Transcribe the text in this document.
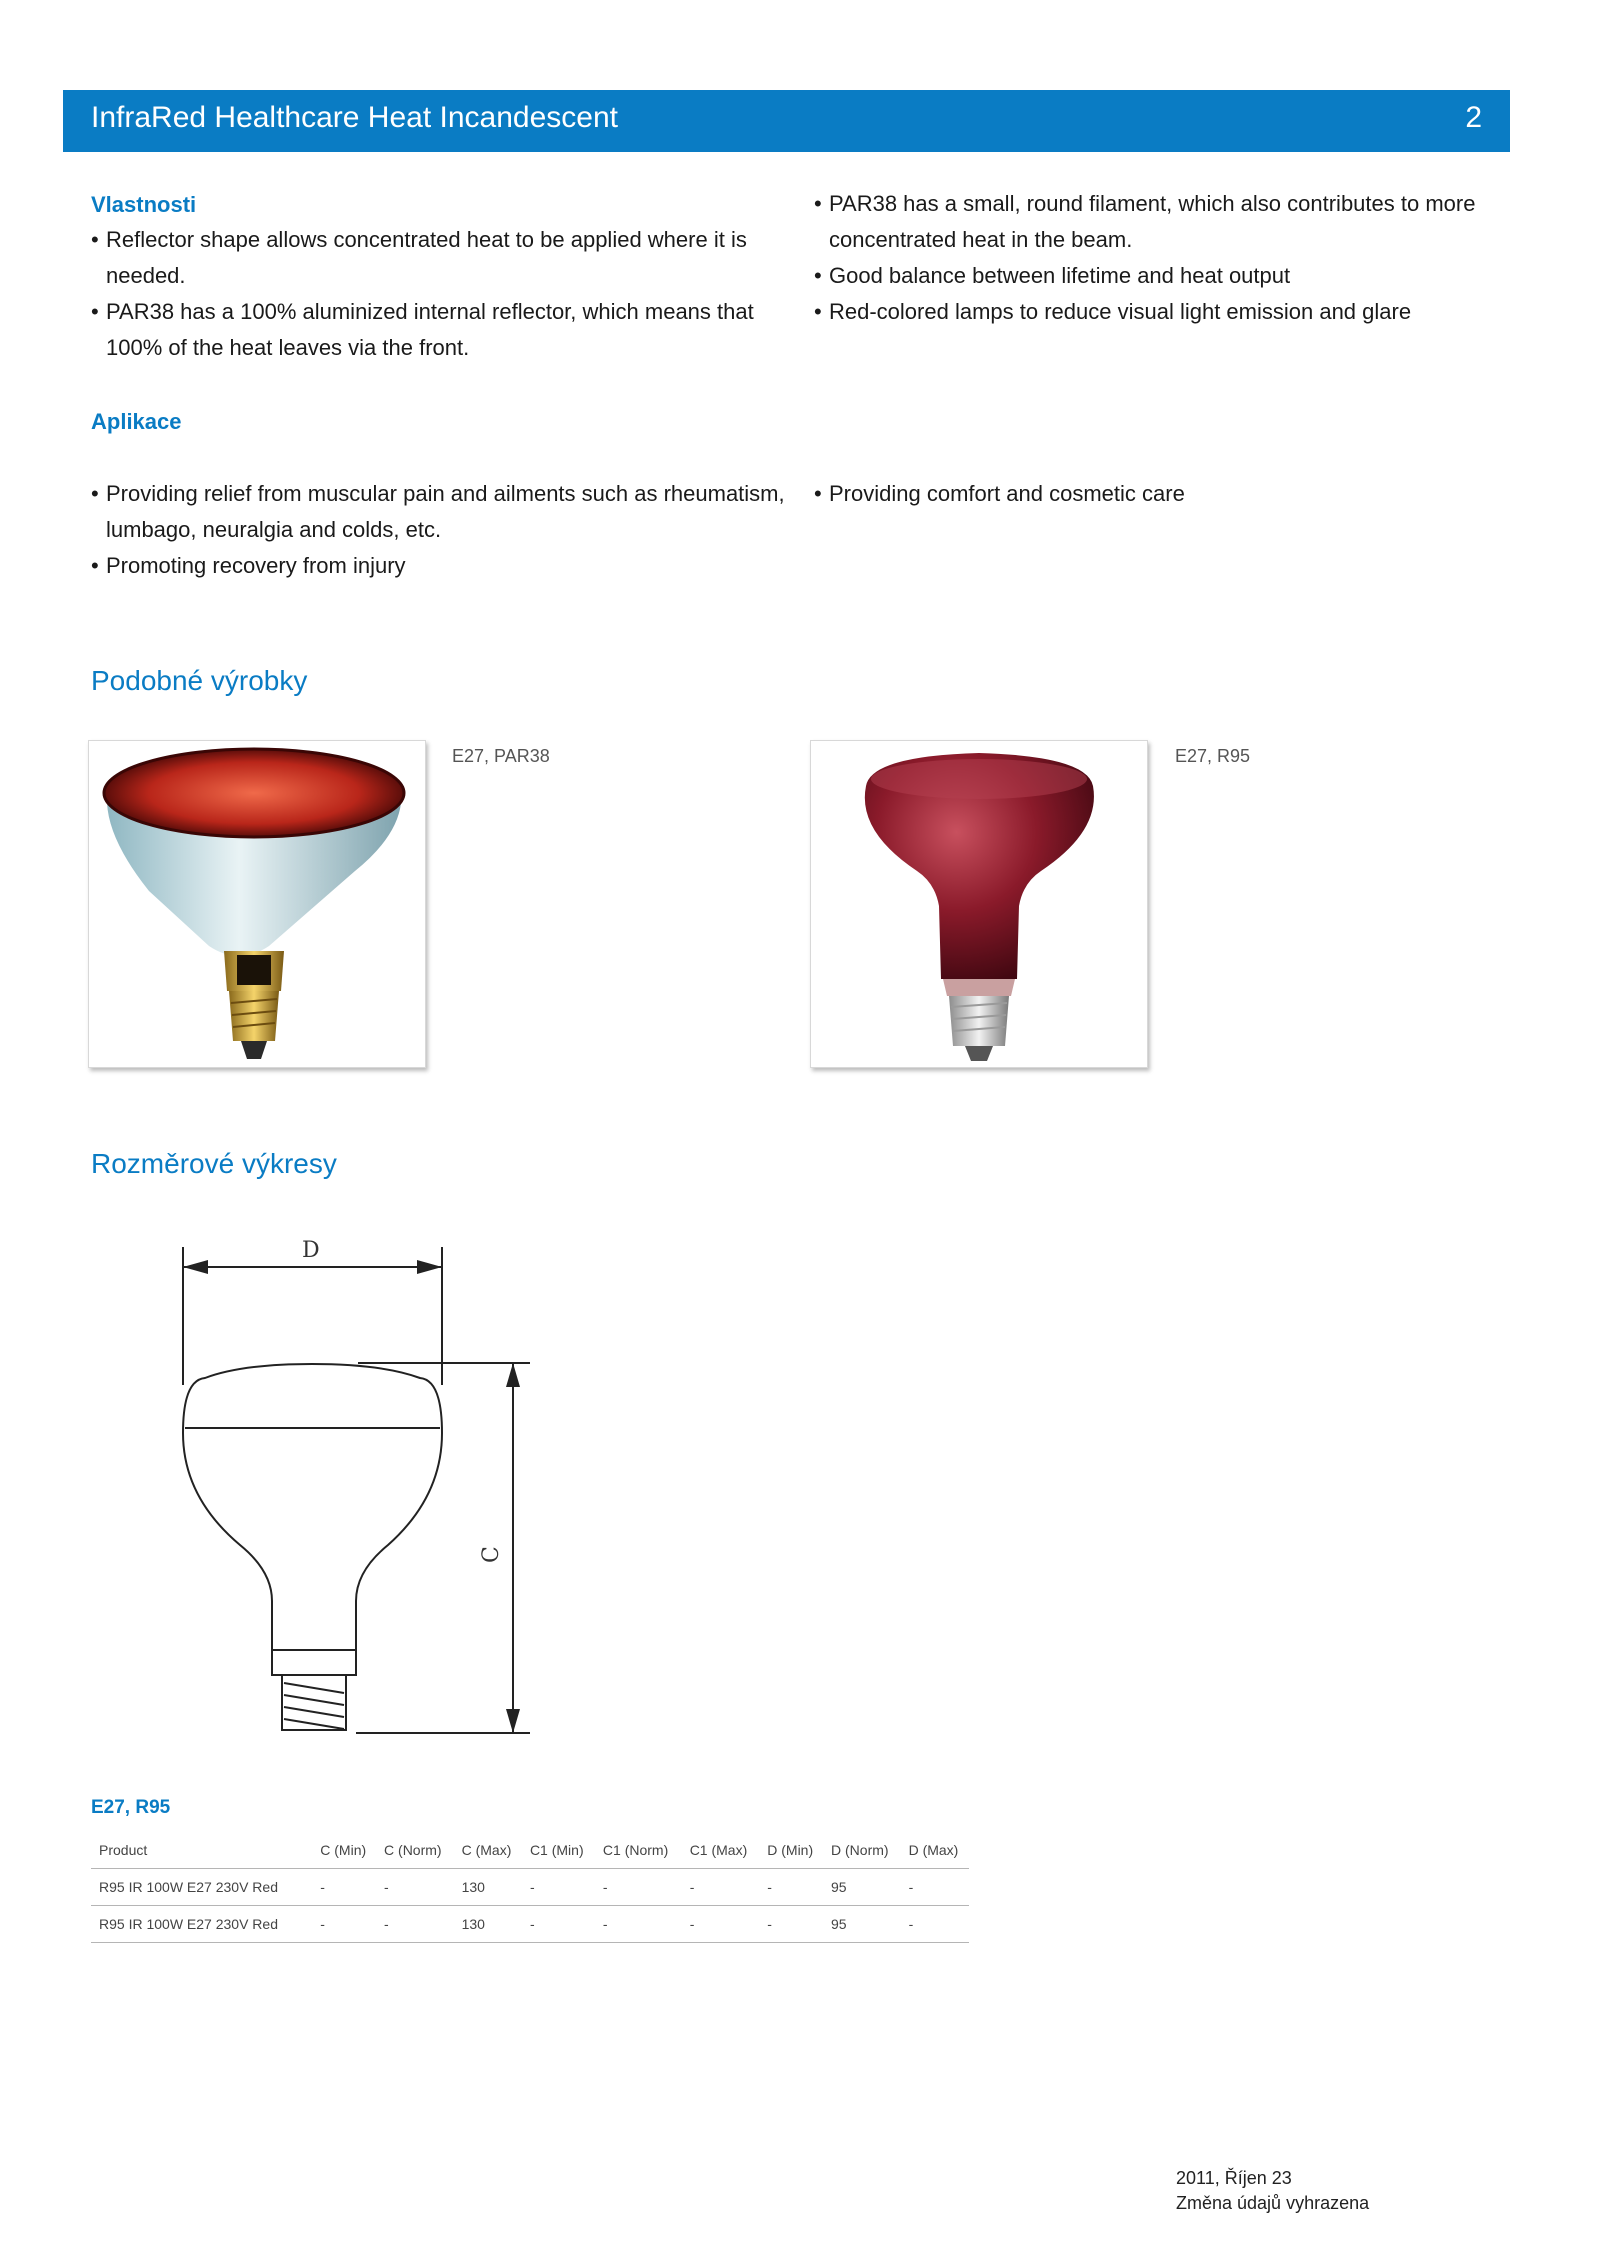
InfraRed Healthcare Heat Incandescent	2
Vlastnosti
• Reflector shape allows concentrated heat to be applied where it is needed.
• PAR38 has a 100% aluminized internal reflector, which means that 100% of the heat leaves via the front.
• PAR38 has a small, round filament, which also contributes to more concentrated heat in the beam.
• Good balance between lifetime and heat output
• Red-colored lamps to reduce visual light emission and glare
Aplikace
• Providing relief from muscular pain and ailments such as rheumatism, lumbago, neuralgia and colds, etc.
• Promoting recovery from injury
• Providing comfort and cosmetic care
Podobné výrobky
E27, PAR38	E27, R95
Rozměrové výkresy
D
C
E27, R95
Product	C (Min)	C (Norm)	C (Max)	C1 (Min)	C1 (Norm)	C1 (Max)	D (Min)	D (Norm)	D (Max)
R95 IR 100W E27 230V Red	-	-	130	-	-	-	-	95	-
R95 IR 100W E27 230V Red	-	-	130	-	-	-	-	95	-
2011, Říjen 23
Změna údajů vyhrazena
